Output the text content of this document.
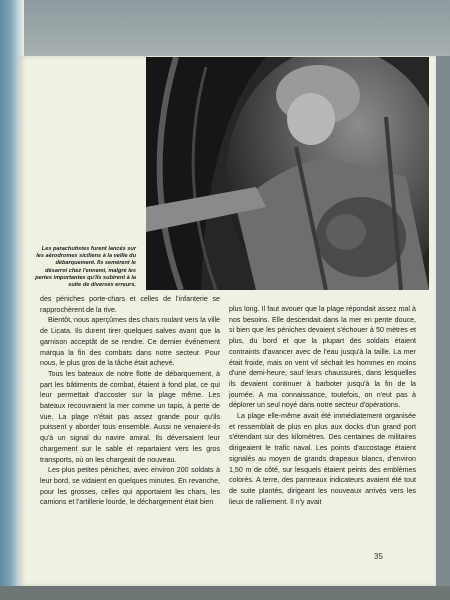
Les parachutistes furent lancés sur les aérodromes siciliens à la veille du débarquement. Ils semèrent le désarroi chez l'ennemi, malgré les pertes importantes qu'ils subirent à la suite de diverses erreurs.

des péniches porte-chars et celles de l'infanterie se rapprochèrent de la rive.

Bientôt, nous aperçûmes des chars roulant vers la ville de Licata. Ils durent tirer quelques salves avant que la garnison acceptât de se rendre. Ce dernier événement marqua la fin des combats dans notre secteur. Pour nous, le plus gros de la tâche était achevé.

Tous les bateaux de notre flotte de débarquement, à part les bâtiments de combat, étaient à fond plat, ce qui leur permettait d'accoster sur la plage même. Les bateaux recouvraient la mer comme un tapis, à perte de vue. La plage n'était pas assez grande pour qu'ils puissent y aborder tous ensemble. Aussi ne venaient-ils qu'à un signal du navire amiral. Ils déversaient leur chargement sur le sable et repartaient vers les gros transports, où on les chargeait de nouveau.

Les plus petites péniches, avec environ 200 soldats à leur bord, se vidaient en quelques minutes. En revanche, pour les grosses, celles qui apportaient les chars, les camions et l'artillerie lourde, le déchargement était bien

plus long. Il faut avouer que la plage répondait assez mal à nos besoins. Elle descendait dans la mer en pente douce, si bien que les péniches devaient s'échouer à 50 mètres et plus, du bord et que la plupart des soldats étaient contraints d'avancer avec de l'eau jusqu'à la taille. La mer était froide, mais on vent vif séchait les hommes en moins d'une demi-heure, sauf leurs chaussures, dans lesquelles ils devaient continuer à barboter jusqu'à la fin de la journée. A ma connaissance, toutefois, on n'eut pas à déplorer un seul noyé dans notre secteur d'opérations.

La plage elle-même avait été immédiatement organisée et ressemblait de plus en plus aux docks d'un grand port s'étendant sur des kilomètres. Des centaines de militaires dirigeaient le trafic naval. Les points d'accostage étaient signalés au moyen de grands drapeaux blancs, d'environ 1,50 m de côté, sur lesquels étaient peints des emblèmes colorés. A terre, des panneaux indicateurs avaient été tout de suite plantés, dirigeant les nouveaux arrivés vers les lieux de ralliement. Il n'y avait

35
